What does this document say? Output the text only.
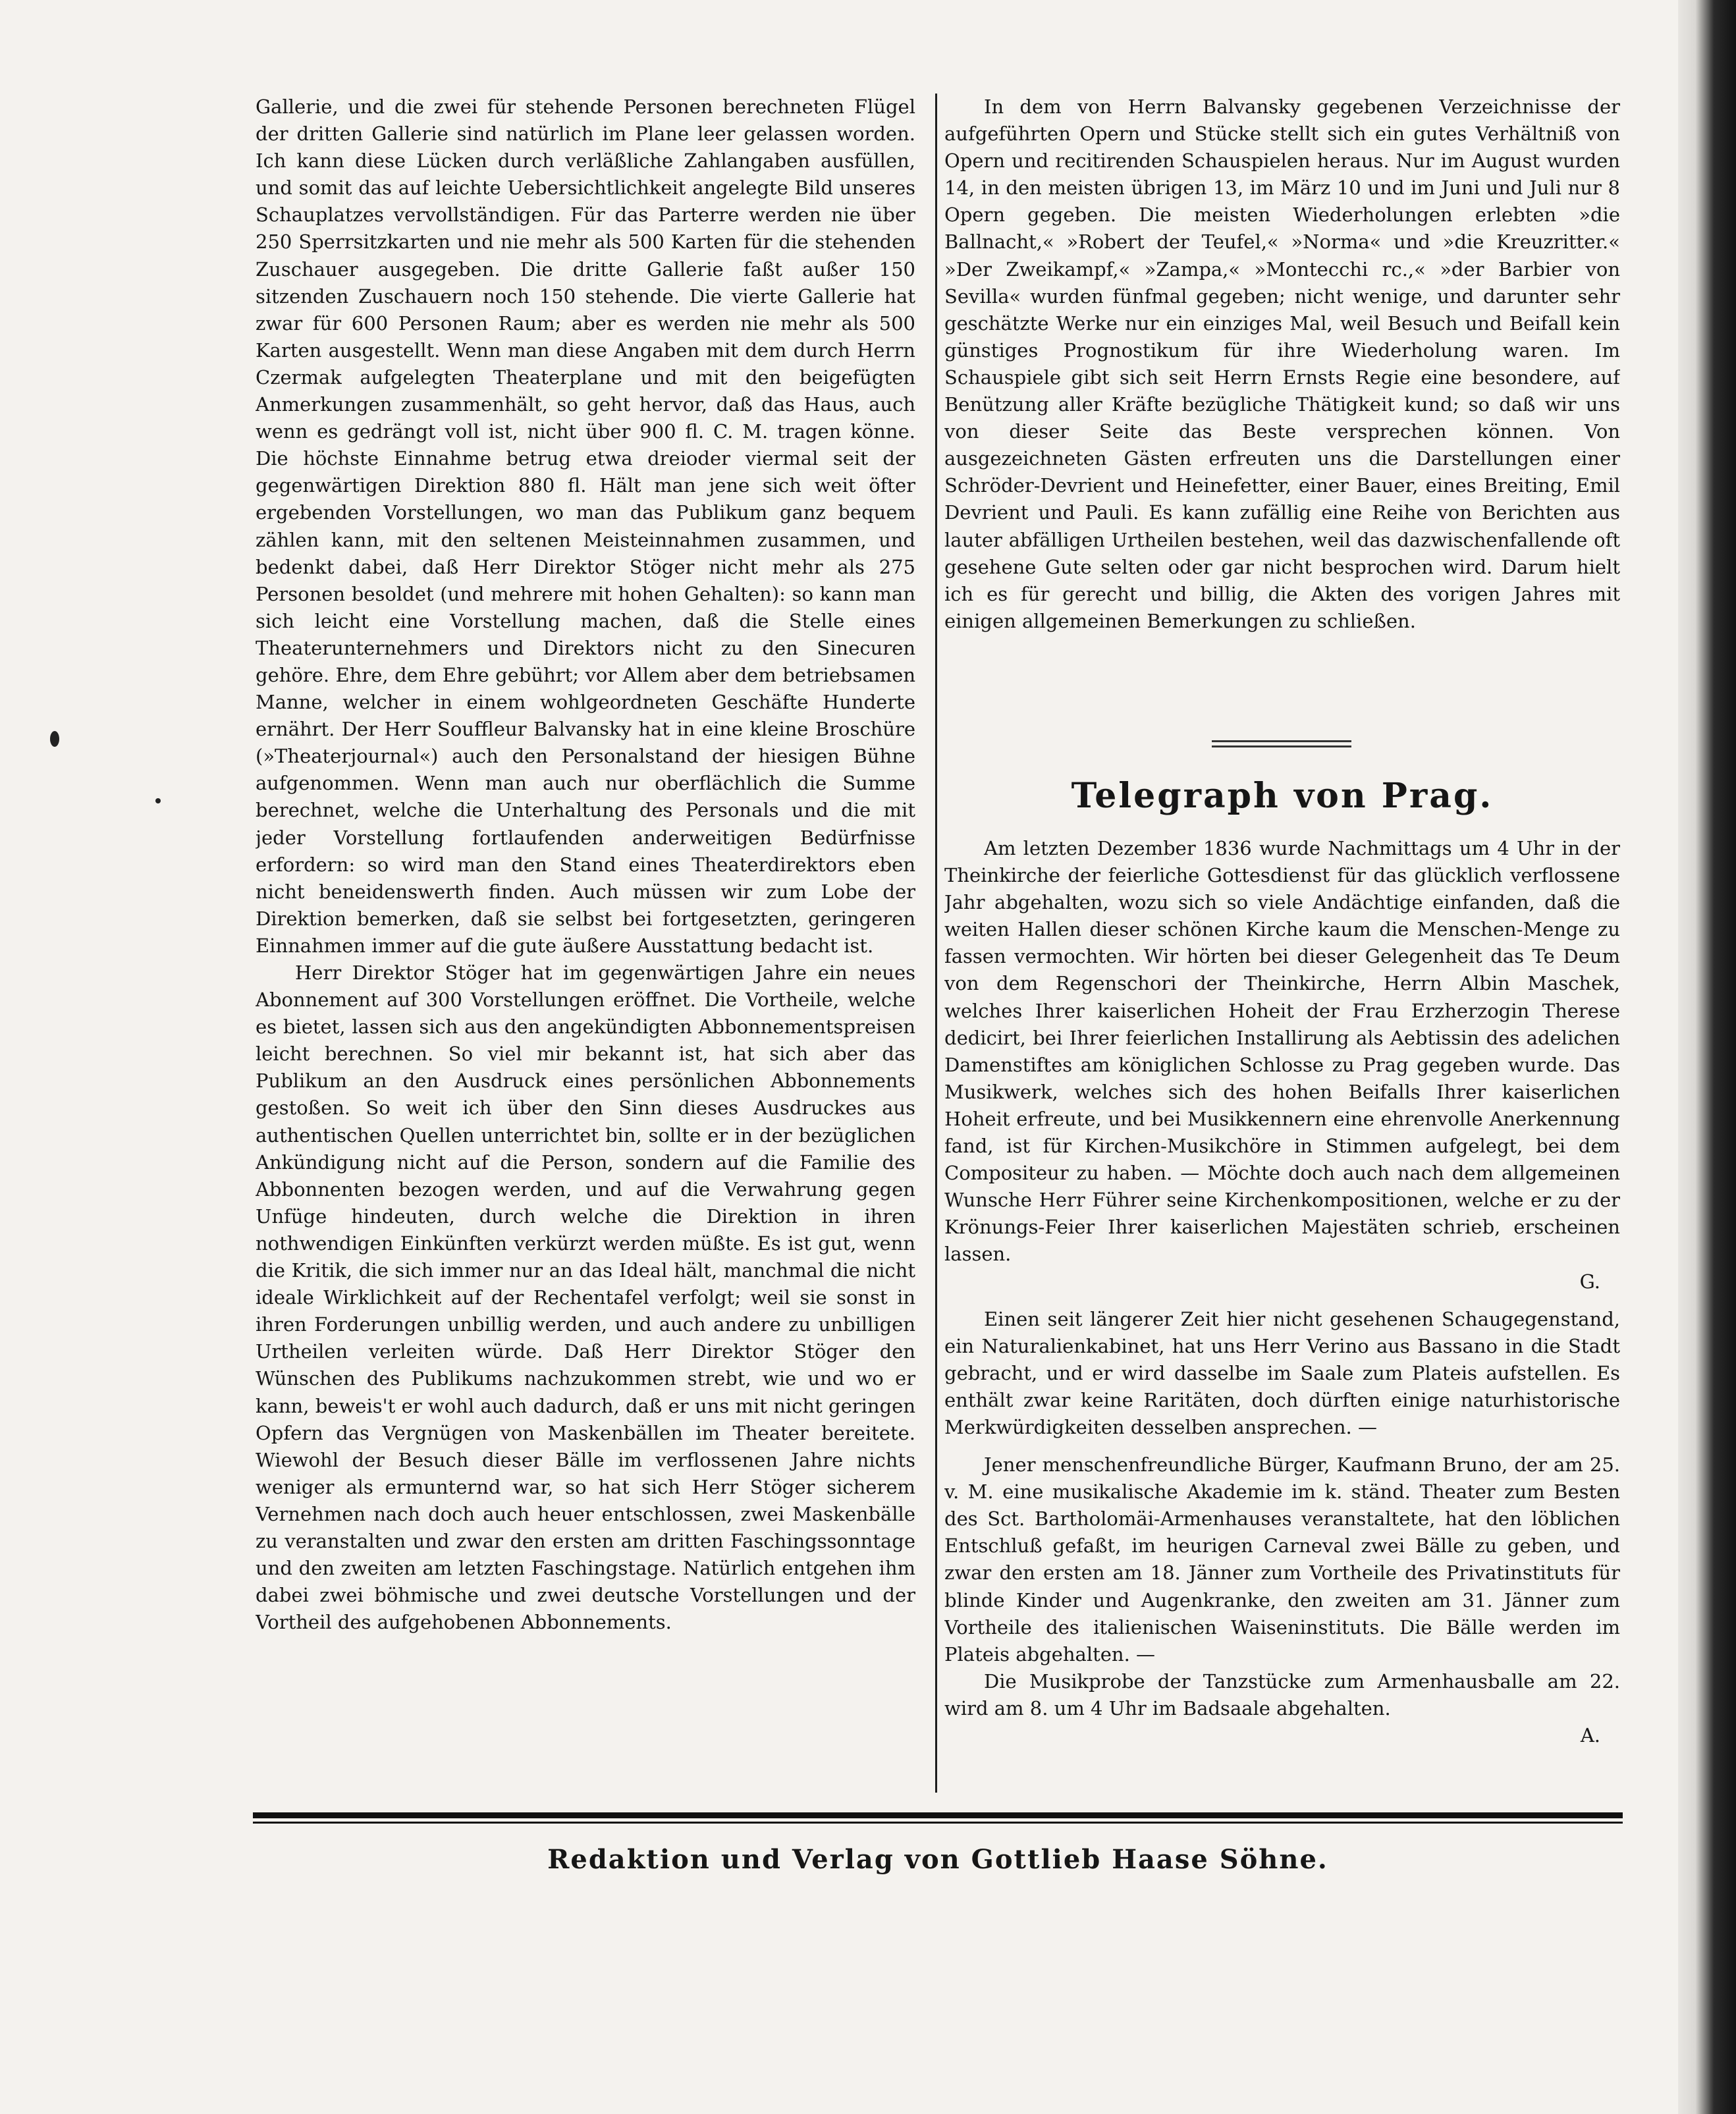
Gallerie, und die zwei für stehende Personen berechneten Flügel der dritten Gallerie sind natürlich im Plane leer gelassen worden. Ich kann diese Lücken durch verläßliche Zahlangaben ausfüllen, und somit das auf leichte Uebersichtlichkeit angelegte Bild unseres Schauplatzes vervollständigen. Für das Parterre werden nie über 250 Sperrsitzkarten und nie mehr als 500 Karten für die stehenden Zuschauer ausgegeben. Die dritte Gallerie faßt außer 150 sitzenden Zuschauern noch 150 stehende. Die vierte Gallerie hat zwar für 600 Personen Raum; aber es werden nie mehr als 500 Karten ausgestellt. Wenn man diese Angaben mit dem durch Herrn Czermak aufgelegten Theaterplane und mit den beigefügten Anmerkungen zusammenhält, so geht hervor, daß das Haus, auch wenn es gedrängt voll ist, nicht über 900 fl. C. M. tragen könne. Die höchste Einnahme betrug etwa dreioder viermal seit der gegenwärtigen Direktion 880 fl. Hält man jene sich weit öfter ergebenden Vorstellungen, wo man das Publikum ganz bequem zählen kann, mit den seltenen Meisteinnahmen zusammen, und bedenkt dabei, daß Herr Direktor Stöger nicht mehr als 275 Personen besoldet (und mehrere mit hohen Gehalten): so kann man sich leicht eine Vorstellung machen, daß die Stelle eines Theaterunternehmers und Direktors nicht zu den Sinecuren gehöre. Ehre, dem Ehre gebührt; vor Allem aber dem betriebsamen Manne, welcher in einem wohlgeordneten Geschäfte Hunderte ernährt. Der Herr Souffleur Balvansky hat in eine kleine Broschüre (»Theaterjournal«) auch den Personalstand der hiesigen Bühne aufgenommen. Wenn man auch nur oberflächlich die Summe berechnet, welche die Unterhaltung des Personals und die mit jeder Vorstellung fortlaufenden anderweitigen Bedürfnisse erfordern: so wird man den Stand eines Theaterdirektors eben nicht beneidenswerth finden. Auch müssen wir zum Lobe der Direktion bemerken, daß sie selbst bei fortgesetzten, geringeren Einnahmen immer auf die gute äußere Ausstattung bedacht ist.

Herr Direktor Stöger hat im gegenwärtigen Jahre ein neues Abonnement auf 300 Vorstellungen eröffnet. Die Vortheile, welche es bietet, lassen sich aus den angekündigten Abbonnementspreisen leicht berechnen. So viel mir bekannt ist, hat sich aber das Publikum an den Ausdruck eines persönlichen Abbonnements gestoßen. So weit ich über den Sinn dieses Ausdruckes aus authentischen Quellen unterrichtet bin, sollte er in der bezüglichen Ankündigung nicht auf die Person, sondern auf die Familie des Abbonnenten bezogen werden, und auf die Verwahrung gegen Unfüge hindeuten, durch welche die Direktion in ihren nothwendigen Einkünften verkürzt werden müßte. Es ist gut, wenn die Kritik, die sich immer nur an das Ideal hält, manchmal die nicht ideale Wirklichkeit auf der Rechentafel verfolgt; weil sie sonst in ihren Forderungen unbillig werden, und auch andere zu unbilligen Urtheilen verleiten würde. Daß Herr Direktor Stöger den Wünschen des Publikums nachzukommen strebt, wie und wo er kann, beweis't er wohl auch dadurch, daß er uns mit nicht geringen Opfern das Vergnügen von Maskenbällen im Theater bereitete. Wiewohl der Besuch dieser Bälle im verflossenen Jahre nichts weniger als ermunternd war, so hat sich Herr Stöger sicherem Vernehmen nach doch auch heuer entschlossen, zwei Maskenbälle zu veranstalten und zwar den ersten am dritten Faschingssonntage und den zweiten am letzten Faschingstage. Natürlich entgehen ihm dabei zwei böhmische und zwei deutsche Vorstellungen und der Vortheil des aufgehobenen Abbonnements.

In dem von Herrn Balvansky gegebenen Verzeichnisse der aufgeführten Opern und Stücke stellt sich ein gutes Verhältniß von Opern und recitirenden Schauspielen heraus. Nur im August wurden 14, in den meisten übrigen 13, im März 10 und im Juni und Juli nur 8 Opern gegeben. Die meisten Wiederholungen erlebten »die Ballnacht,« »Robert der Teufel,« »Norma« und »die Kreuzritter.« »Der Zweikampf,« »Zampa,« »Montecchi rc.,« »der Barbier von Sevilla« wurden fünfmal gegeben; nicht wenige, und darunter sehr geschätzte Werke nur ein einziges Mal, weil Besuch und Beifall kein günstiges Prognostikum für ihre Wiederholung waren. Im Schauspiele gibt sich seit Herrn Ernsts Regie eine besondere, auf Benützung aller Kräfte bezügliche Thätigkeit kund; so daß wir uns von dieser Seite das Beste versprechen können. Von ausgezeichneten Gästen erfreuten uns die Darstellungen einer Schröder-Devrient und Heinefetter, einer Bauer, eines Breiting, Emil Devrient und Pauli. Es kann zufällig eine Reihe von Berichten aus lauter abfälligen Urtheilen bestehen, weil das dazwischenfallende oft gesehene Gute selten oder gar nicht besprochen wird. Darum hielt ich es für gerecht und billig, die Akten des vorigen Jahres mit einigen allgemeinen Bemerkungen zu schließen.

Telegraph von Prag.

Am letzten Dezember 1836 wurde Nachmittags um 4 Uhr in der Theinkirche der feierliche Gottesdienst für das glücklich verflossene Jahr abgehalten, wozu sich so viele Andächtige einfanden, daß die weiten Hallen dieser schönen Kirche kaum die Menschen-Menge zu fassen vermochten. Wir hörten bei dieser Gelegenheit das Te Deum von dem Regenschori der Theinkirche, Herrn Albin Maschek, welches Ihrer kaiserlichen Hoheit der Frau Erzherzogin Therese dedicirt, bei Ihrer feierlichen Installirung als Aebtissin des adelichen Damenstiftes am königlichen Schlosse zu Prag gegeben wurde. Das Musikwerk, welches sich des hohen Beifalls Ihrer kaiserlichen Hoheit erfreute, und bei Musikkennern eine ehrenvolle Anerkennung fand, ist für Kirchen-Musikchöre in Stimmen aufgelegt, bei dem Compositeur zu haben. — Möchte doch auch nach dem allgemeinen Wunsche Herr Führer seine Kirchenkompositionen, welche er zu der Krönungs-Feier Ihrer kaiserlichen Majestäten schrieb, erscheinen lassen.

G.

Einen seit längerer Zeit hier nicht gesehenen Schaugegenstand, ein Naturalienkabinet, hat uns Herr Verino aus Bassano in die Stadt gebracht, und er wird dasselbe im Saale zum Plateis aufstellen. Es enthält zwar keine Raritäten, doch dürften einige naturhistorische Merkwürdigkeiten desselben ansprechen. —

Jener menschenfreundliche Bürger, Kaufmann Bruno, der am 25. v. M. eine musikalische Akademie im k. ständ. Theater zum Besten des Sct. Bartholomäi-Armenhauses veranstaltete, hat den löblichen Entschluß gefaßt, im heurigen Carneval zwei Bälle zu geben, und zwar den ersten am 18. Jänner zum Vortheile des Privatinstituts für blinde Kinder und Augenkranke, den zweiten am 31. Jänner zum Vortheile des italienischen Waiseninstituts. Die Bälle werden im Plateis abgehalten. —

Die Musikprobe der Tanzstücke zum Armenhausballe am 22. wird am 8. um 4 Uhr im Badsaale abgehalten.

A.

Redaktion und Verlag von Gottlieb Haase Söhne.
